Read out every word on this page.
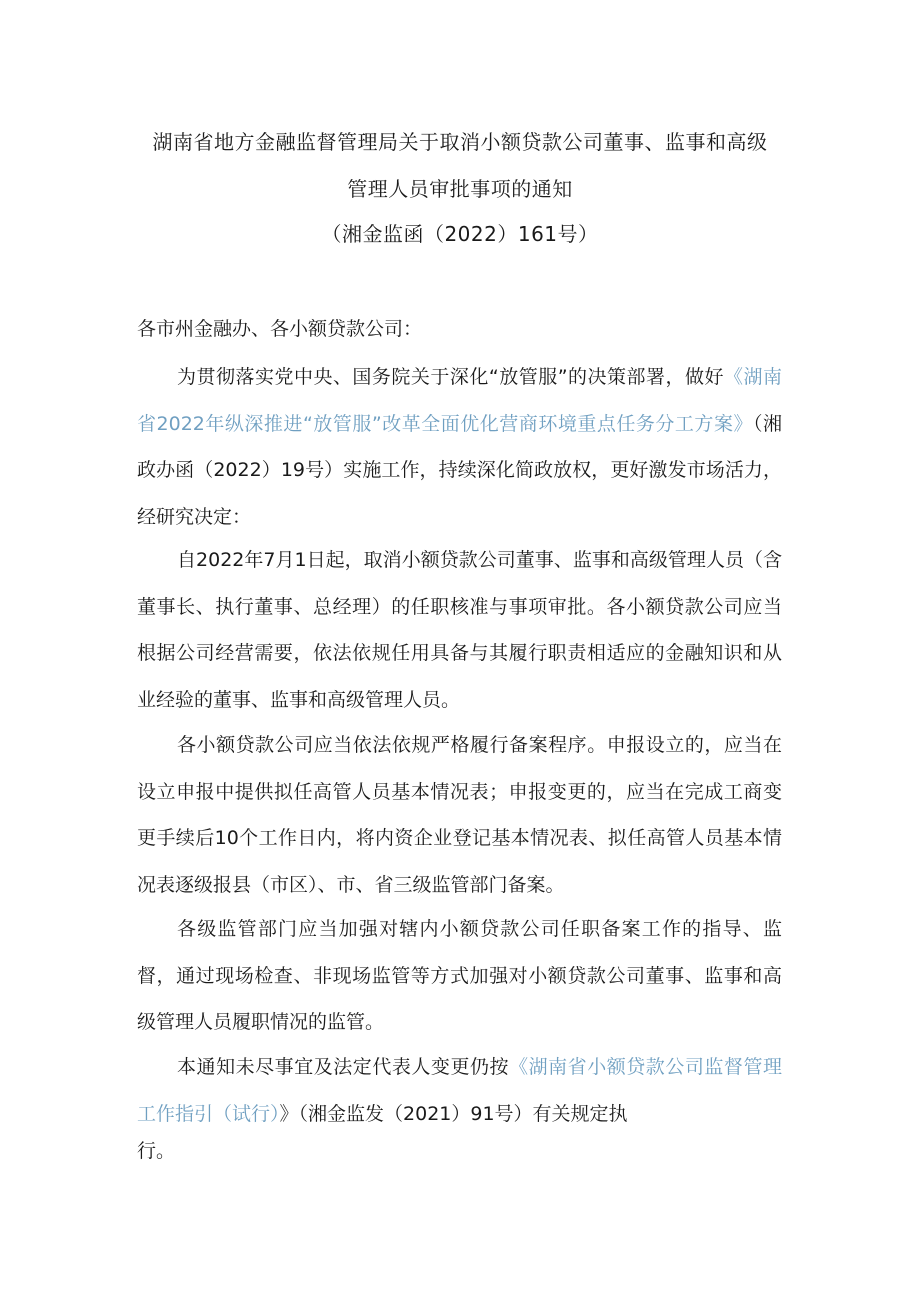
湖南省地方金融监督管理局关于取消小额贷款公司董事、监事和高级
管理人员审批事项的通知
（湘金监函（2022）161号）
各市州金融办、各小额贷款公司：

为贯彻落实党中央、国务院关于深化“放管服”的决策部署，做好《湖南省2022年纵深推进“放管服”改革全面优化营商环境重点任务分工方案》（湘政办函（2022）19号）实施工作，持续深化简政放权，更好激发市场活力，经研究决定：

自2022年7月1日起，取消小额贷款公司董事、监事和高级管理人员（含董事长、执行董事、总经理）的任职核准与事项审批。各小额贷款公司应当根据公司经营需要，依法依规任用具备与其履行职责相适应的金融知识和从业经验的董事、监事和高级管理人员。

各小额贷款公司应当依法依规严格履行备案程序。申报设立的，应当在设立申报中提供拟任高管人员基本情况表；申报变更的，应当在完成工商变更手续后10个工作日内，将内资企业登记基本情况表、拟任高管人员基本情况表逐级报县（市区）、市、省三级监管部门备案。

各级监管部门应当加强对辖内小额贷款公司任职备案工作的指导、监督，通过现场检查、非现场监管等方式加强对小额贷款公司董事、监事和高级管理人员履职情况的监管。

本通知未尽事宜及法定代表人变更仍按《湖南省小额贷款公司监督管理工作指引（试行）》（湘金监发（2021）91号）有关规定执

行。
